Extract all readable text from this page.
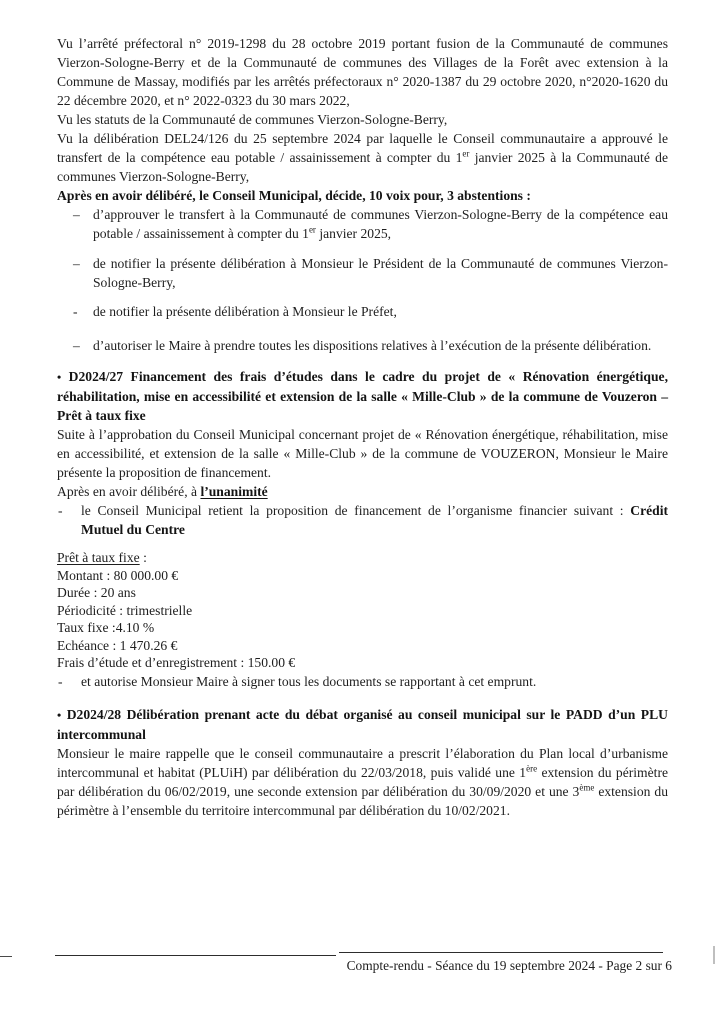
Vu l’arrêté préfectoral n° 2019-1298 du 28 octobre 2019 portant fusion de la Communauté de communes Vierzon-Sologne-Berry et de la Communauté de communes des Villages de la Forêt avec extension à la Commune de Massay, modifiés par les arrêtés préfectoraux n° 2020-1387 du 29 octobre 2020, n°2020-1620 du 22 décembre 2020, et n° 2022-0323 du 30 mars 2022,

Vu les statuts de la Communauté de communes Vierzon-Sologne-Berry,

Vu la délibération DEL24/126 du 25 septembre 2024 par laquelle le Conseil communautaire a approuvé le transfert de la compétence eau potable / assainissement à compter du 1er janvier 2025 à la Communauté de communes Vierzon-Sologne-Berry,

Après en avoir délibéré, le Conseil Municipal, décide, 10 voix pour, 3 abstentions :

– d’approuver le transfert à la Communauté de communes Vierzon-Sologne-Berry de la compétence eau potable / assainissement à compter du 1er janvier 2025,
– de notifier la présente délibération à Monsieur le Président de la Communauté de communes Vierzon-Sologne-Berry,
- de notifier la présente délibération à Monsieur le Préfet,
– d’autoriser le Maire à prendre toutes les dispositions relatives à l’exécution de la présente délibération.

• D2024/27 Financement des frais d’études dans le cadre du projet de « Rénovation énergétique, réhabilitation, mise en accessibilité et extension de la salle « Mille-Club » de la commune de Vouzeron – Prêt à taux fixe

Suite à l’approbation du Conseil Municipal concernant projet de « Rénovation énergétique, réhabilitation, mise en accessibilité, et extension de la salle « Mille-Club » de la commune de VOUZERON, Monsieur le Maire présente la proposition de financement.

Après en avoir délibéré, à l’unanimité

- le Conseil Municipal retient la proposition de financement de l’organisme financier suivant : Crédit Mutuel du Centre

Prêt à taux fixe :

Montant : 80 000.00 €

Durée : 20 ans

Périodicité : trimestrielle

Taux fixe :4.10 %

Echéance : 1 470.26 €

Frais d’étude et d’enregistrement : 150.00 €

- et autorise Monsieur Maire à signer tous les documents se rapportant à cet emprunt.

• D2024/28 Délibération prenant acte du débat organisé au conseil municipal sur le PADD d’un PLU intercommunal

Monsieur le maire rappelle que le conseil communautaire a prescrit l’élaboration du Plan local d’urbanisme intercommunal et habitat (PLUiH) par délibération du 22/03/2018, puis validé une 1ère extension du périmètre par délibération du 06/02/2019, une seconde extension par délibération du 30/09/2020 et une 3ème extension du périmètre à l’ensemble du territoire intercommunal par délibération du 10/02/2021.

Compte-rendu - Séance du 19 septembre 2024 - Page 2 sur 6
